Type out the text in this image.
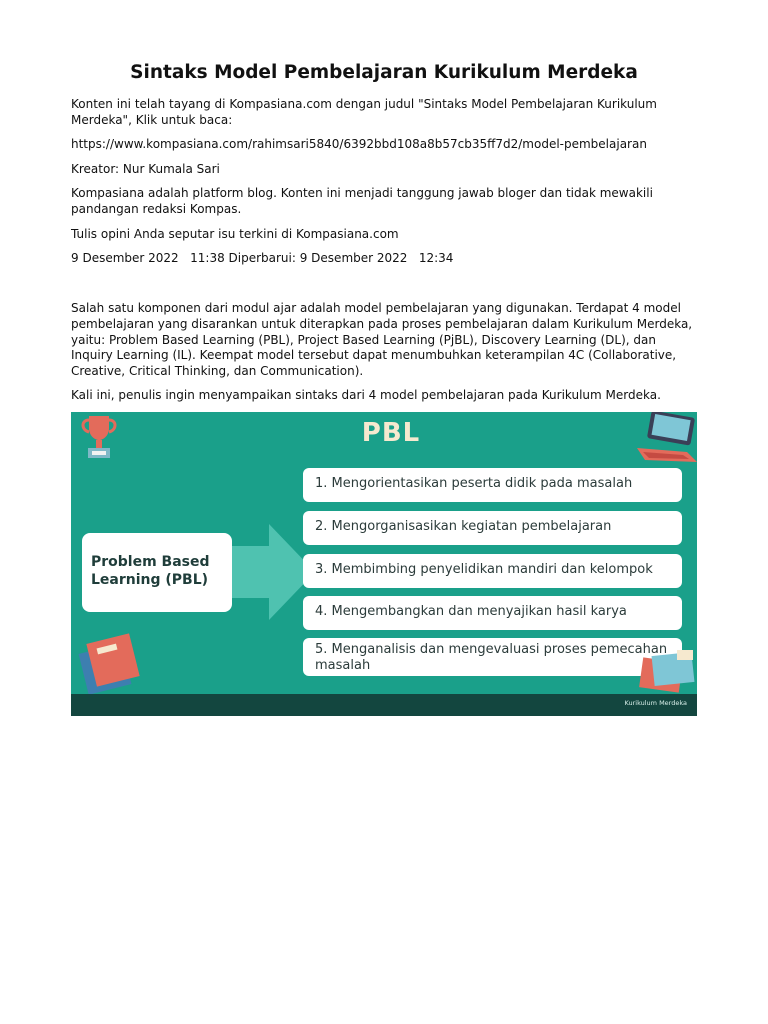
Sintaks Model Pembelajaran Kurikulum Merdeka
Konten ini telah tayang di Kompasiana.com dengan judul "Sintaks Model Pembelajaran Kurikulum Merdeka", Klik untuk baca:
https://www.kompasiana.com/rahimsari5840/6392bbd108a8b57cb35ff7d2/model-pembelajaran
Kreator: Nur Kumala Sari
Kompasiana adalah platform blog. Konten ini menjadi tanggung jawab bloger dan tidak mewakili pandangan redaksi Kompas.
Tulis opini Anda seputar isu terkini di Kompasiana.com
9 Desember 2022   11:38 Diperbarui: 9 Desember 2022   12:34
Salah satu komponen dari modul ajar adalah model pembelajaran yang digunakan. Terdapat 4 model pembelajaran yang disarankan untuk diterapkan pada proses pembelajaran dalam Kurikulum Merdeka, yaitu: Problem Based Learning (PBL), Project Based Learning (PjBL), Discovery Learning (DL), dan Inquiry Learning (IL). Keempat model tersebut dapat menumbuhkan keterampilan 4C (Collaborative, Creative, Critical Thinking, dan Communication).
Kali ini, penulis ingin menyampaikan sintaks dari 4 model pembelajaran pada Kurikulum Merdeka.
PBL
Problem Based Learning (PBL)
1. Mengorientasikan peserta didik pada masalah
2. Mengorganisasikan kegiatan pembelajaran
3. Membimbing penyelidikan mandiri dan kelompok
4. Mengembangkan dan menyajikan hasil karya
5. Menganalisis dan mengevaluasi proses pemecahan masalah
Kurikulum Merdeka
